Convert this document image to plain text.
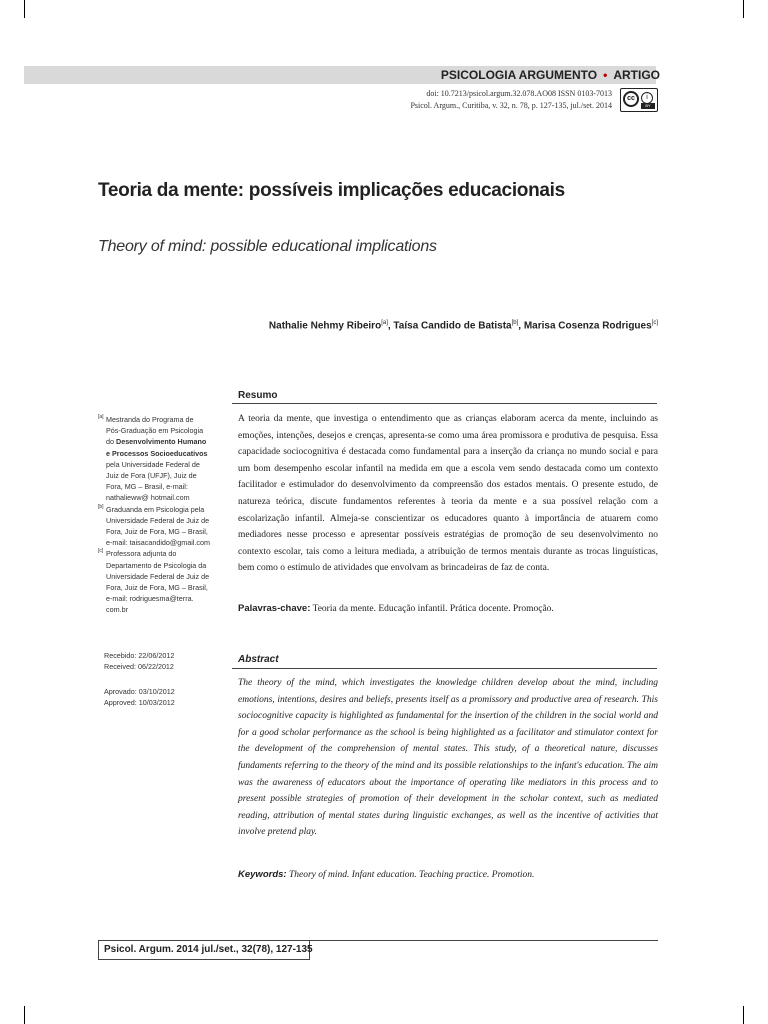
PSICOLOGIA ARGUMENTO • ARTIGO
doi: 10.7213/psicol.argum.32.078.AO08 ISSN 0103-7013
Psicol. Argum., Curitiba, v. 32, n. 78, p. 127-135, jul./set. 2014
cc	i
BY
Teoria da mente: possíveis implicações educacionais
Theory of mind: possible educational implications
Nathalie Nehmy Ribeiro[a], Taísa Candido de Batista[b], Marisa Cosenza Rodrigues[c]
[a] Mestranda do Programa de Pós-Graduação em Psicologia do Desenvolvimento Humano e Processos Socioeducativos pela Universidade Federal de Juiz de Fora (UFJF), Juiz de Fora, MG – Brasil, e-mail: nathalieww@ hotmail.com
[b] Graduanda em Psicologia pela Universidade Federal de Juiz de Fora, Juiz de Fora, MG – Brasil, e-mail: taisacandido@gmail.com
[c] Professora adjunta do Departamento de Psicologia da Universidade Federal de Juiz de Fora, Juiz de Fora, MG – Brasil, e-mail: rodriguesma@terra. com.br
Recebido: 22/06/2012
Received: 06/22/2012
Aprovado: 03/10/2012
Approved: 10/03/2012
Resumo
A teoria da mente, que investiga o entendimento que as crianças elaboram acerca da mente, incluindo as emoções, intenções, desejos e crenças, apresenta-se como uma área promissora e produtiva de pesquisa. Essa capacidade sociocognitiva é destacada como fundamental para a inserção da criança no mundo social e para um bom desempenho escolar infantil na medida em que a escola vem sendo destacada como um contexto facilitador e estimulador do desenvolvimento da compreensão dos estados mentais. O presente estudo, de natureza teórica, discute fundamentos referentes à teoria da mente e a sua possível relação com a escolarização infantil. Almeja-se conscientizar os educadores quanto à importância de atuarem como mediadores nesse processo e apresentar possíveis estratégias de promoção de seu desenvolvimento no contexto escolar, tais como a leitura mediada, a atribuição de termos mentais durante as trocas linguísticas, bem como o estímulo de atividades que envolvam as brincadeiras de faz de conta.
Palavras-chave: Teoria da mente. Educação infantil. Prática docente. Promoção.
Abstract
The theory of the mind, which investigates the knowledge children develop about the mind, including emotions, intentions, desires and beliefs, presents itself as a promissory and productive area of research. This sociocognitive capacity is highlighted as fundamental for the insertion of the children in the social world and for a good scholar performance as the school is being highlighted as a facilitator and stimulator context for the development of the comprehension of mental states. This study, of a theoretical nature, discusses fundaments referring to the theory of the mind and its possible relationships to the infant's education. The aim was the awareness of educators about the importance of operating like mediators in this process and to present possible strategies of promotion of their development in the scholar context, such as mediated reading, attribution of mental states during linguistic exchanges, as well as the incentive of activities that involve pretend play.
Keywords: Theory of mind. Infant education. Teaching practice. Promotion.
Psicol. Argum. 2014 jul./set., 32(78), 127-135
